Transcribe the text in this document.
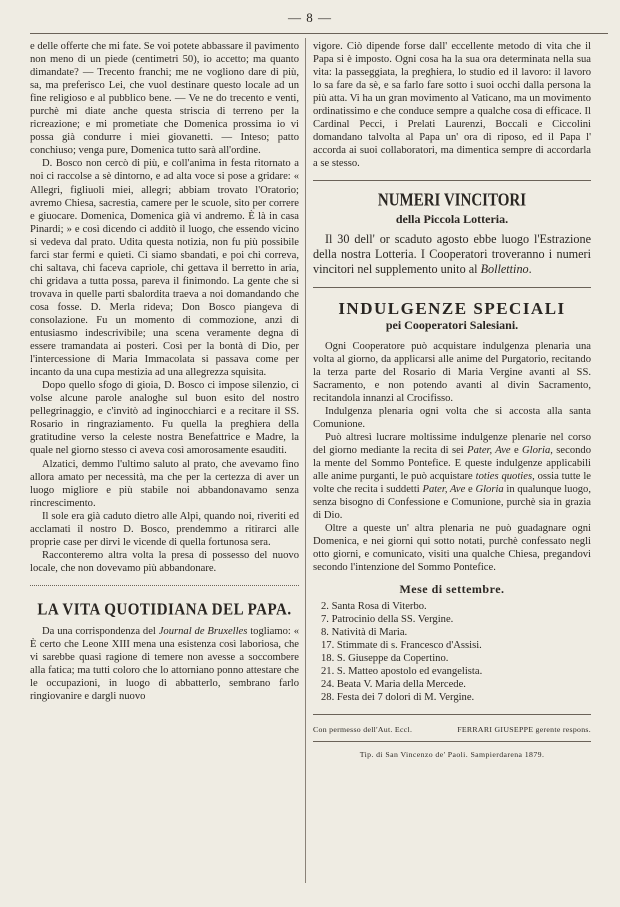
— 8 —

e delle offerte che mi fate. Se voi potete abbassare il pavimento non meno di un piede (centimetri 50), io accetto; ma quanto dimandate? — Trecento franchi; me ne vogliono dare di più, sa, ma preferisco Lei, che vuol destinare questo locale ad un fine religioso e al pubblico bene. — Ve ne do trecento e venti, purchè mi diate anche questa striscia di terreno per la ricreazione; e mi prometiate che Domenica prossima io vi possa già condurre i miei giovanetti. — Inteso; patto conchiuso; venga pure, Domenica tutto sarà all'ordine.

D. Bosco non cercò di più, e coll'anima in festa ritornato a noi ci raccolse a sè dintorno, e ad alta voce si pose a gridare: « Allegri, figliuoli miei, allegri; abbiam trovato l'Oratorio; avremo Chiesa, sacrestia, camere per le scuole, sito per correre e giuocare. Domenica, Domenica già vi andremo. È là in casa Pinardi; » e così dicendo ci additò il luogo, che essendo vicino si vedeva dal prato. Udita questa notizia, non fu più possibile farci star fermi e quieti. Ci siamo sbandati, e poi chi correva, chi saltava, chi faceva capriole, chi gettava il berretto in aria, chi gridava a tutta possa, pareva il finimondo. La gente che si trovava in quelle parti sbalordita traeva a noi domandando che cosa fosse. D. Merla rideva; Don Bosco piangeva di consolazione. Fu un momento di commozione, anzi di entusiasmo indescrivibile; una scena veramente degna di essere tramandata ai posteri. Così per la bontà di Dio, per l'intercessione di Maria Immacolata si passava come per incanto da una cupa mestizia ad una allegrezza squisita.

Dopo quello sfogo di gioia, D. Bosco ci impose silenzio, ci volse alcune parole analoghe sul buon esito del nostro pellegrinaggio, e c'invitò ad inginocchiarci e a recitare il SS. Rosario in ringraziamento. Fu quella la preghiera della gratitudine verso la celeste nostra Benefattrice e Madre, la quale nel giorno stesso ci aveva così amorosamente esauditi.

Alzatici, demmo l'ultimo saluto al prato, che avevamo fino allora amato per necessità, ma che per la certezza di aver un luogo migliore e più stabile noi abbandonavamo senza rincrescimento.

Il sole era già caduto dietro alle Alpi, quando noi, riveriti ed acclamati il nostro D. Bosco, prendemmo a ritirarci alle proprie case per dirvi le vicende di quella fortunosa sera.

Racconteremo altra volta la presa di possesso del nuovo locale, che non dovevamo più abbandonare.

LA VITA QUOTIDIANA DEL PAPA.

Da una corrispondenza del Journal de Bruxelles togliamo: « È certo che Leone XIII mena una esistenza così laboriosa, che vi sarebbe quasi ragione di temere non avesse a soccombere alla fatica; ma tutti coloro che lo attorniano ponno attestare che le occupazioni, in luogo di abbatterlo, sembrano farlo ringiovanire e dargli nuovo

vigore. Ciò dipende forse dall' eccellente metodo di vita che il Papa si è imposto. Ogni cosa ha la sua ora determinata nella sua vita: la passeggiata, la preghiera, lo studio ed il lavoro: il lavoro lo sa fare da sè, e sa farlo fare sotto i suoi occhi dalla persona la più atta. Vi ha un gran movimento al Vaticano, ma un movimento ordinatissimo e che conduce sempre a qualche cosa di efficace. Il Cardinal Pecci, i Prelati Laurenzi, Boccali e Ciccolini domandano talvolta al Papa un' ora di riposo, ed il Papa l' accorda ai suoi collaboratori, ma dimentica sempre di accordarla a se stesso.

NUMERI VINCITORI
della Piccola Lotteria.

Il 30 dell' or scaduto agosto ebbe luogo l'Estrazione della nostra Lotteria. I Cooperatori troveranno i numeri vincitori nel supplemento unito al Bollettino.

INDULGENZE SPECIALI
pei Cooperatori Salesiani.

Ogni Cooperatore può acquistare indulgenza plenaria una volta al giorno, da applicarsi alle anime del Purgatorio, recitando la terza parte del Rosario di Maria Vergine avanti al SS. Sacramento, e non potendo avanti al divin Sacramento, recitandola innanzi al Crocifisso.

Indulgenza plenaria ogni volta che si accosta alla santa Comunione.

Può altresì lucrare moltissime indulgenze plenarie nel corso del giorno mediante la recita di sei Pater, Ave e Gloria, secondo la mente del Sommo Pontefice. E queste indulgenze applicabili alle anime purganti, le può acquistare toties quoties, ossia tutte le volte che recita i suddetti Pater, Ave e Gloria in qualunque luogo, senza bisogno di Confessione e Comunione, purchè sia in grazia di Dio.

Oltre a queste un' altra plenaria ne può guadagnare ogni Domenica, e nei giorni qui sotto notati, purchè confessato negli otto giorni, e comunicato, visiti una qualche Chiesa, pregandovi secondo l'intenzione del Sommo Pontefice.

Mese di settembre.
2. Santa Rosa di Viterbo.
7. Patrocinio della SS. Vergine.
8. Natività di Maria.
17. Stimmate di s. Francesco d'Assisi.
18. S. Giuseppe da Copertino.
21. S. Matteo apostolo ed evangelista.
24. Beata V. Maria della Mercede.
28. Festa dei 7 dolori di M. Vergine.
Con permesso dell'Aut. Eccl.	FERRARI GIUSEPPE gerente respons.
Tip. di San Vincenzo de' Paoli. Sampierdarena 1879.
